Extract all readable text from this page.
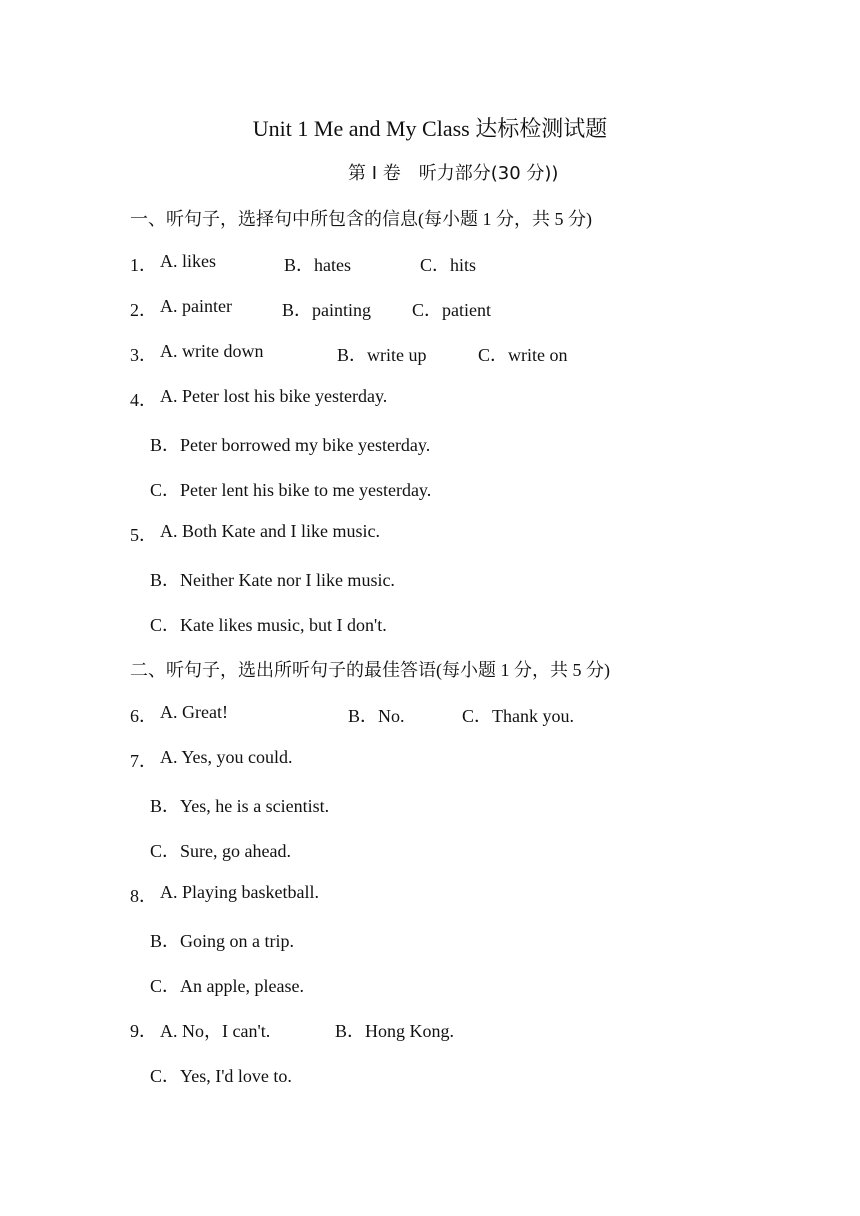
Unit 1 Me and My Class 达标检测试题
第 Ⅰ 卷　听力部分(30 分))
一、听句子，选择句中所包含的信息(每小题 1 分，共 5 分)
1． A. likes	B．hates	C．hits
2． A. painter	B．painting C．patient
3． A. write down	B．write up	C．write on
4． A. Peter lost his bike yesterday.
B．Peter borrowed my bike yesterday.
C．Peter lent his bike to me yesterday.
5． A. Both Kate and I like music.
B．Neither Kate nor I like music.
C．Kate likes music, but I don't.
二、听句子，选出所听句子的最佳答语(每小题 1 分，共 5 分)
6． A. Great!	B．No.	C．Thank you.
7． A. Yes, you could.
B．Yes, he is a scientist.
C．Sure, go ahead.
8． A. Playing basketball.
B．Going on a trip.
C．An apple, please.
9． A. No，I can't.	B．Hong Kong.
C．Yes, I'd love to.
